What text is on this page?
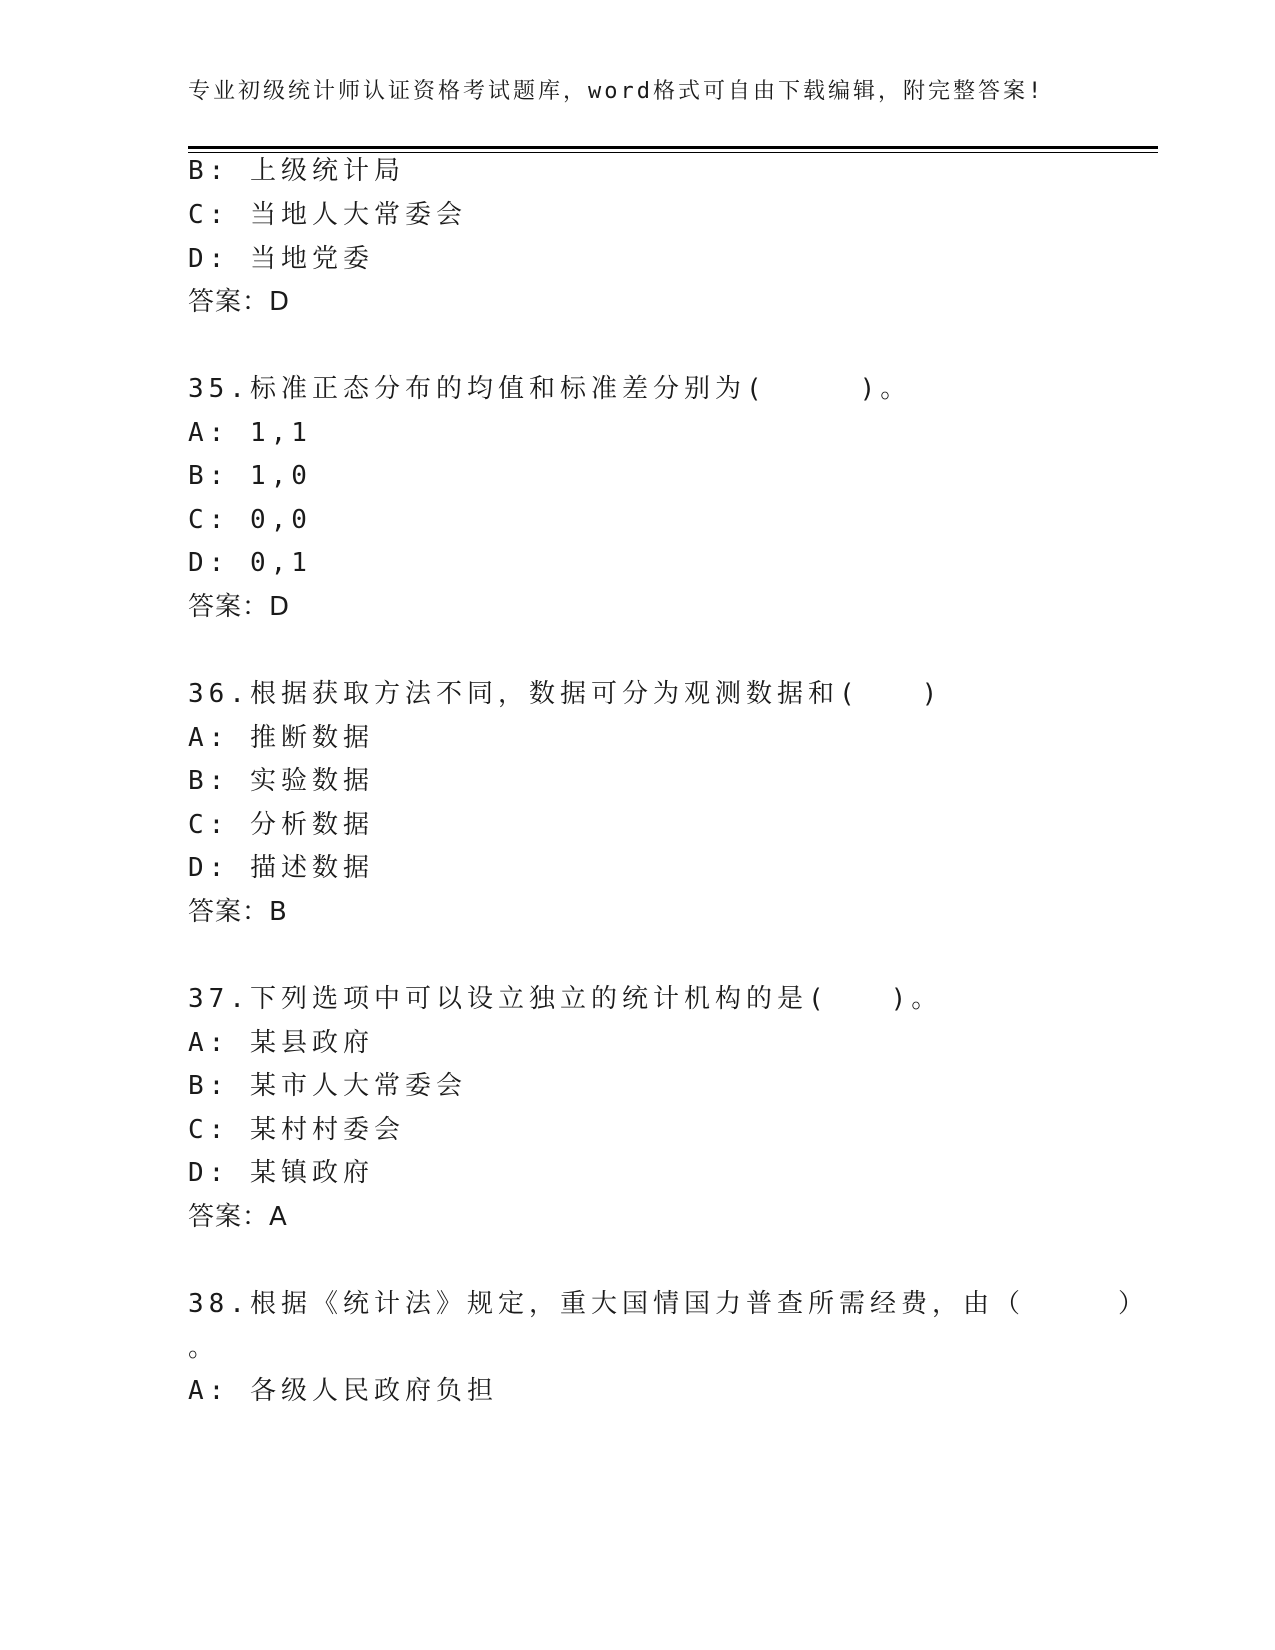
专业初级统计师认证资格考试题库，word格式可自由下载编辑，附完整答案!
B: 上级统计局
C: 当地人大常委会
D: 当地党委
答案：D
35.标准正态分布的均值和标准差分别为(　　　)。
A: 1,1
B: 1,0
C: 0,0
D: 0,1
答案：D
36.根据获取方法不同，数据可分为观测数据和(　　)
A: 推断数据
B: 实验数据
C: 分析数据
D: 描述数据
答案：B
37.下列选项中可以设立独立的统计机构的是(　　)。
A: 某县政府
B: 某市人大常委会
C: 某村村委会
D: 某镇政府
答案：A
38.根据《统计法》规定，重大国情国力普查所需经费，由（　　　）
。
A: 各级人民政府负担
